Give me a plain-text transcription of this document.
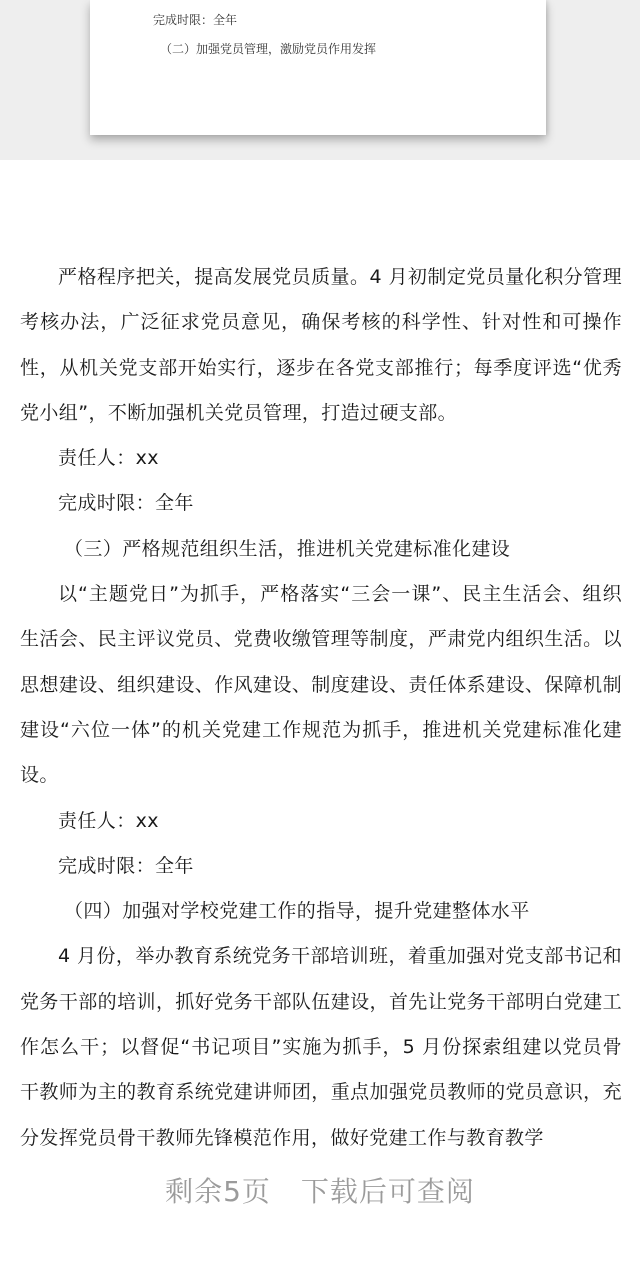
完成时限：全年
（二）加强党员管理，激励党员作用发挥

严格程序把关，提高发展党员质量。4 月初制定党员量化积分管理考核办法，广泛征求党员意见，确保考核的科学性、针对性和可操作性，从机关党支部开始实行，逐步在各党支部推行；每季度评选“优秀党小组”，不断加强机关党员管理，打造过硬支部。

责任人：xx

完成时限：全年

（三）严格规范组织生活，推进机关党建标准化建设

以“主题党日”为抓手，严格落实“三会一课”、民主生活会、组织生活会、民主评议党员、党费收缴管理等制度，严肃党内组织生活。以思想建设、组织建设、作风建设、制度建设、责任体系建设、保障机制建设“六位一体”的机关党建工作规范为抓手，推进机关党建标准化建设。

责任人：xx

完成时限：全年

（四）加强对学校党建工作的指导，提升党建整体水平

4 月份，举办教育系统党务干部培训班，着重加强对党支部书记和党务干部的培训，抓好党务干部队伍建设，首先让党务干部明白党建工作怎么干；以督促“书记项目”实施为抓手，5 月份探索组建以党员骨干教师为主的教育系统党建讲师团，重点加强党员教师的党员意识，充分发挥党员骨干教师先锋模范作用，做好党建工作与教育教学

剩余5页 下载后可查阅
